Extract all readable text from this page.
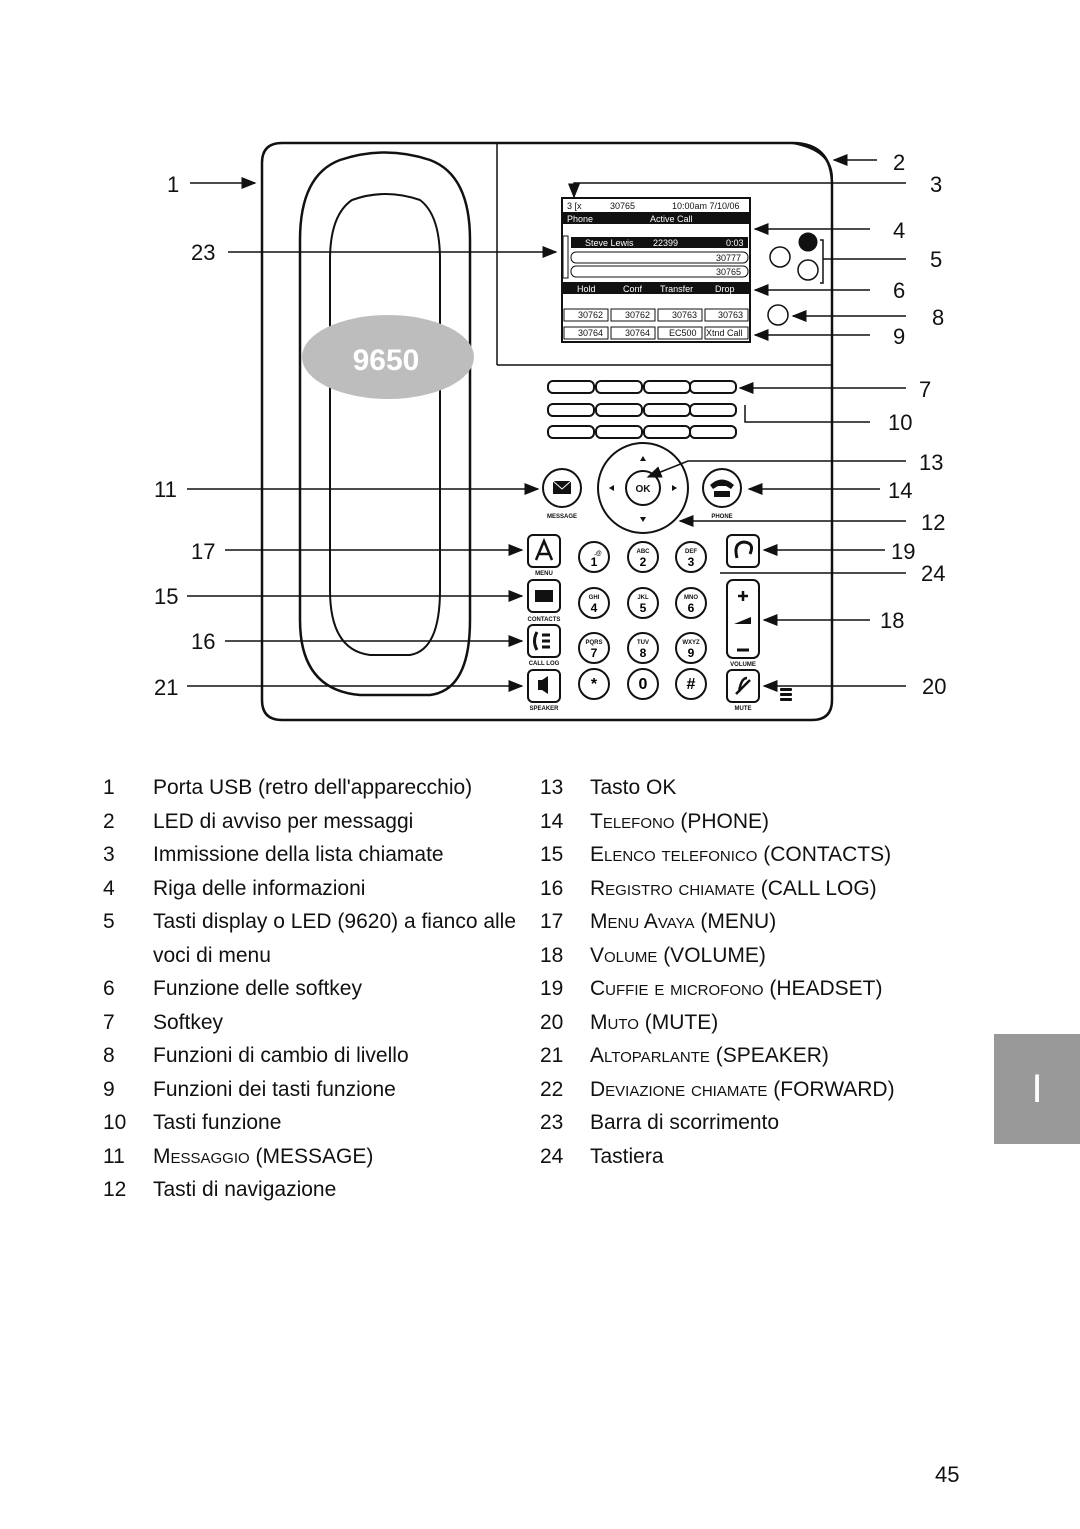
9650
3 [x	30765	10:00am 7/10/06
Phone	Active Call
Steve Lewis 22399	0:03
30777
30765
Hold	Conf Transfer Drop
30762 30762 30763 30763
30764 30764 EC500 Xtnd Call
OK
MESSAGE	PHONE
MENU
CONTACTS
CALL LOG
SPEAKER
.@
1
ABC
2
DEF
3
GHI
4
JKL
5
MNO
6
PQRS
7
TUV
8
WXYZ
9
*	0 #
VOLUME
MUTE
1
2
3
4
5
6
7
8
9
10
11
12
13
14
15
16
17
18
19
20
21
23
24
1	Porta USB (retro dell'apparecchio)
2	LED di avviso per messaggi
3	Immissione della lista chiamate
4	Riga delle informazioni
5	Tasti display o LED (9620) a fianco alle voci di menu
6	Funzione delle softkey
7	Softkey
8	Funzioni di cambio di livello
9	Funzioni dei tasti funzione
10	Tasti funzione
11	Messaggio (MESSAGE)
12	Tasti di navigazione
13	Tasto OK
14	Telefono (PHONE)
15	Elenco telefonico (CONTACTS)
16	Registro chiamate (CALL LOG)
17	Menu Avaya (MENU)
18	Volume (VOLUME)
19	Cuffie e microfono (HEADSET)
20	Muto (MUTE)
21	Altoparlante (SPEAKER)
22	Deviazione chiamate (FORWARD)
23	Barra di scorrimento
24	Tastiera
I
45
